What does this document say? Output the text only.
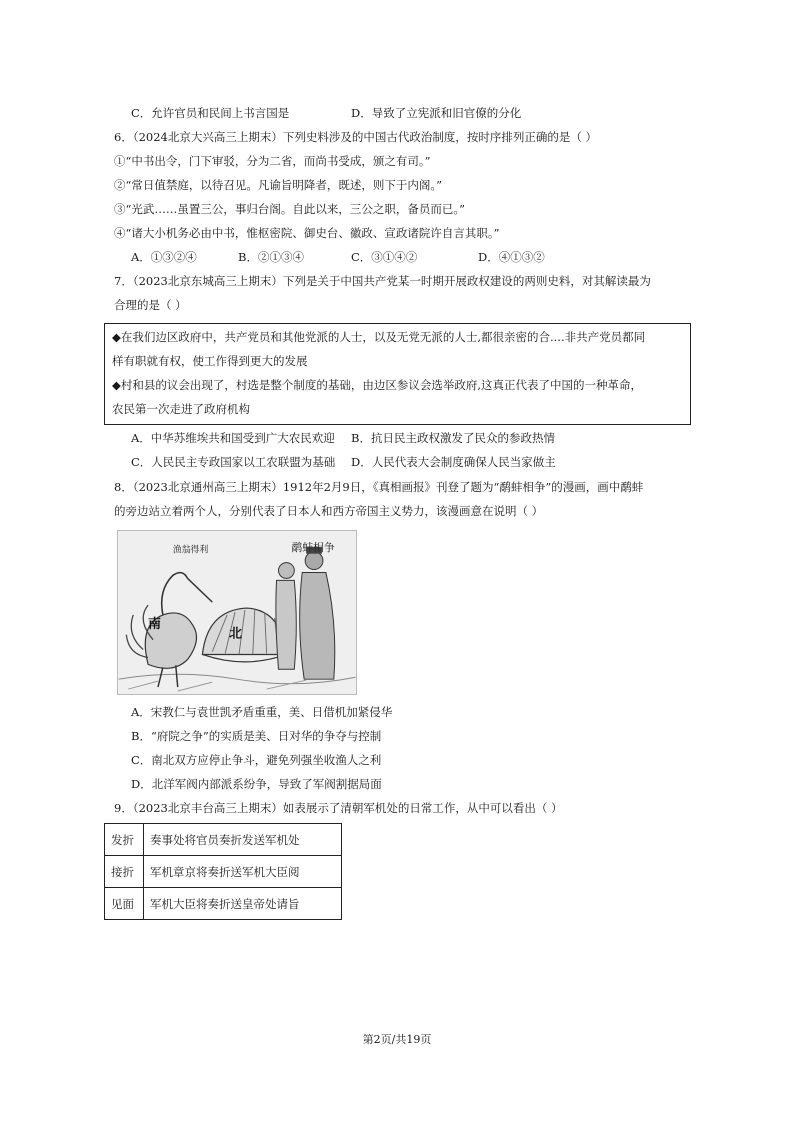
C．允许官员和民间上书言国是	D．导致了立宪派和旧官僚的分化
6．（2024北京大兴高三上期末）下列史料涉及的中国古代政治制度，按时序排列正确的是（ ）
①“中书出令，门下审驳，分为二省，而尚书受成，颁之有司。”
②“常日值禁庭，以待召见。凡谕旨明降者，既述，则下于内阁。”
③“光武……虽置三公，事归台阁。自此以来，三公之职，备员而已。”
④“诸大小机务必由中书，惟枢密院、御史台、徽政、宣政诸院许自言其职。”
A．①③②④	B．②①③④	C．③①④②	D．④①③②
7．（2023北京东城高三上期末）下列是关于中国共产党某一时期开展政权建设的两则史料，对其解读最为
合理的是（ ）
◆在我们边区政府中，共产党员和其他党派的人士，以及无党无派的人士,都很亲密的合....非共产党员都同
样有职就有权，使工作得到更大的发展
◆村和县的议会出现了，村选是整个制度的基础，由边区参议会选举政府,这真正代表了中国的一种革命，
农民第一次走进了政府机构
A．中华苏维埃共和国受到广大农民欢迎 B．抗日民主政权激发了民众的参政热情
C．人民民主专政国家以工农联盟为基础 D．人民代表大会制度确保人民当家做主
8．（2023北京通州高三上期末）1912年2月9日，《真相画报》刊登了题为“鹬蚌相争”的漫画，画中鹬蚌
的旁边站立着两个人，分别代表了日本人和西方帝国主义势力，该漫画意在说明（ ）
鹬蚌相争
渔翁得利
南
北
A．宋教仁与袁世凯矛盾重重，美、日借机加紧侵华
B．“府院之争”的实质是美、日对华的争夺与控制
C．南北双方应停止争斗，避免列强坐收渔人之利
D．北洋军阀内部派系纷争，导致了军阀割据局面
9．（2023北京丰台高三上期末）如表展示了清朝军机处的日常工作，从中可以看出（ ）
发折	奏事处将官员奏折发送军机处
接折	军机章京将奏折送军机大臣阅
见面	军机大臣将奏折送皇帝处请旨
第2页/共19页
